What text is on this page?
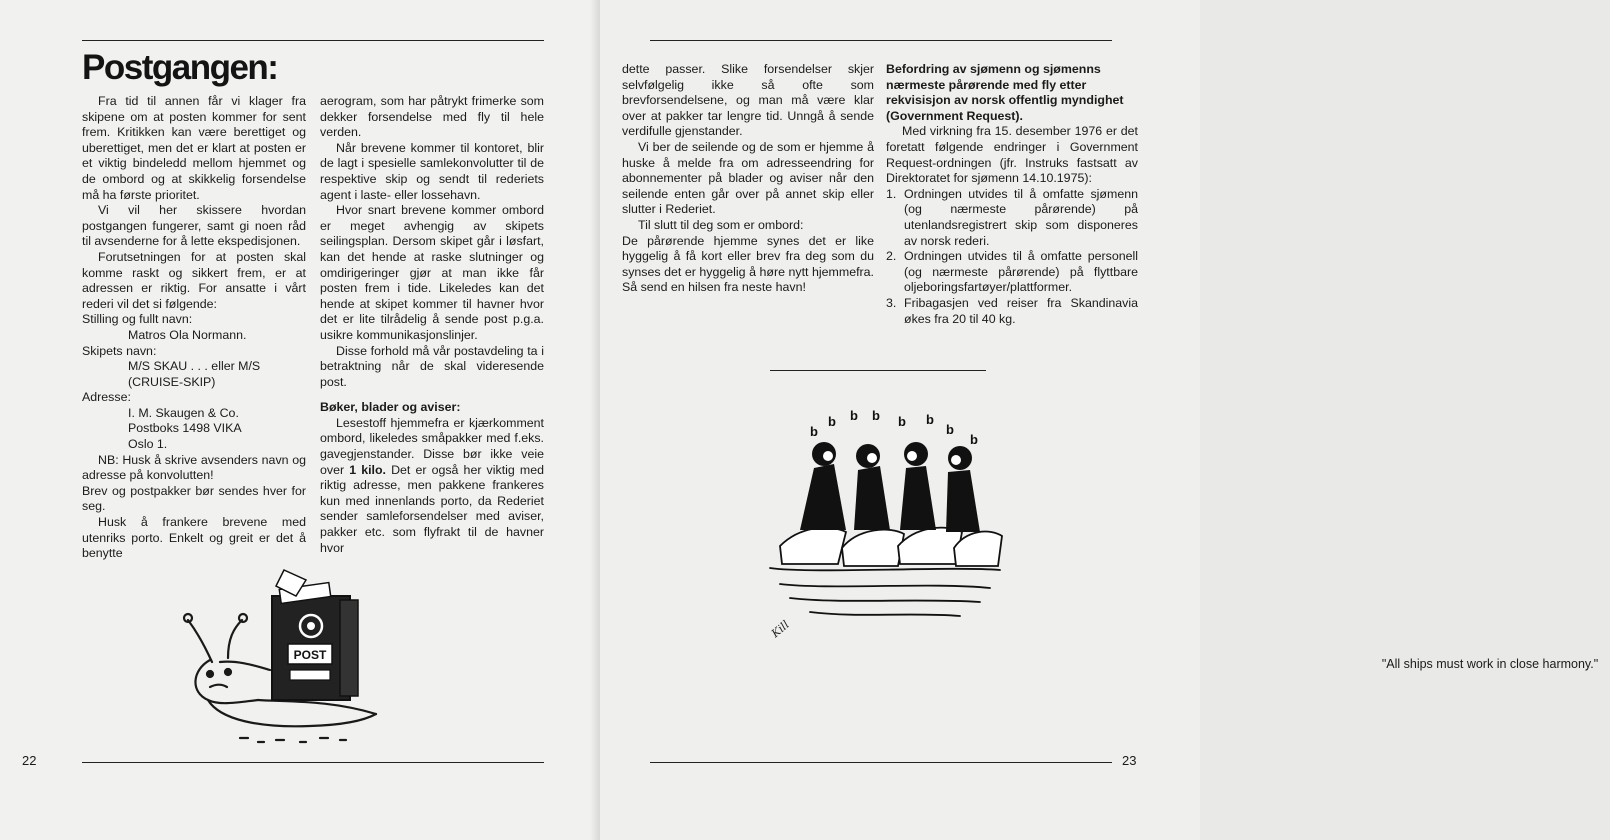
Postgangen:

Fra tid til annen får vi klager fra skipene om at posten kommer for sent frem. Kritikken kan være berettiget og uberettiget, men det er klart at posten er et viktig bindeledd mellom hjemmet og de ombord og at skikkelig forsendelse må ha første prioritet.

Vi vil her skissere hvordan postgangen fungerer, samt gi noen råd til avsenderne for å lette ekspedisjonen.

Forutsetningen for at posten skal komme raskt og sikkert frem, er at adressen er riktig. For ansatte i vårt rederi vil det si følgende:

Stilling og fullt navn:

Matros Ola Normann.

Skipets navn:

M/S SKAU . . . eller M/S (CRUISE-SKIP)

Adresse:

I. M. Skaugen & Co.

Postboks 1498 VIKA

Oslo 1.

NB: Husk å skrive avsenders navn og adresse på konvolutten!

Brev og postpakker bør sendes hver for seg.

Husk å frankere brevene med utenriks porto. Enkelt og greit er det å benytte

aerogram, som har påtrykt frimerke som dekker forsendelse med fly til hele verden.

Når brevene kommer til kontoret, blir de lagt i spesielle samlekonvolutter til de respektive skip og sendt til rederiets agent i laste- eller lossehavn.

Hvor snart brevene kommer ombord er meget avhengig av skipets seilingsplan. Dersom skipet går i løsfart, kan det hende at raske slutninger og omdirigeringer gjør at man ikke får posten frem i tide. Likeledes kan det hende at skipet kommer til havner hvor det er lite tilrådelig å sende post p.g.a. usikre kommunikasjonslinjer.

Disse forhold må vår postavdeling ta i betraktning når de skal videresende post.

Bøker, blader og aviser:

Lesestoff hjemmefra er kjærkomment ombord, likeledes småpakker med f.eks. gavegjenstander. Disse bør ikke veie over 1 kilo. Det er også her viktig med riktig adresse, men pakkene frankeres kun med innenlands porto, da Rederiet sender samleforsendelser med aviser, pakker etc. som flyfrakt til de havner hvor

POST
22

dette passer. Slike forsendelser skjer selvfølgelig ikke så ofte som brevforsendelsene, og man må være klar over at pakker tar lengre tid. Unngå å sende verdifulle gjenstander.

Vi ber de seilende og de som er hjemme å huske å melde fra om adresseendring for abonnementer på blader og aviser når den seilende enten går over på annet skip eller slutter i Rederiet.

Til slutt til deg som er ombord:

De pårørende hjemme synes det er like hyggelig å få kort eller brev fra deg som du synses det er hyggelig å høre nytt hjemmefra. Så send en hilsen fra neste havn!

Befordring av sjømenn og sjømenns nærmeste pårørende med fly etter rekvisisjon av norsk offentlig myndighet (Government Request).

Med virkning fra 15. desember 1976 er det foretatt følgende endringer i Government Request-ordningen (jfr. Instruks fastsatt av Direktoratet for sjømenn 14.10.1975):

1. Ordningen utvides til å omfatte sjømenn (og nærmeste pårørende) på utenlandsregistrert skip som disponeres av norsk rederi.
2. Ordningen utvides til å omfatte personell (og nærmeste pårørende) på flyttbare oljeboringsfartøyer/plattformer.
3. Fribagasjen ved reiser fra Skandinavia økes fra 20 til 40 kg.
b
b b b b b
b
b
Kill
"All ships must work in close harmony."
23
